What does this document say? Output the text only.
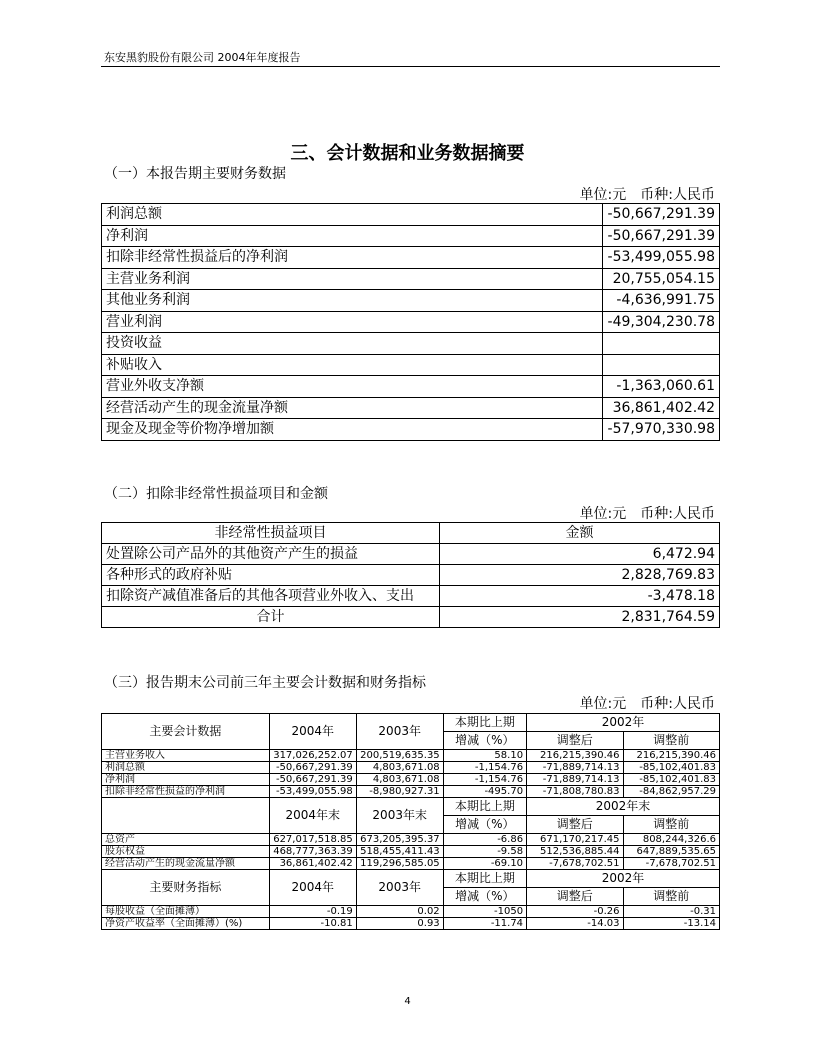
东安黑豹股份有限公司 2004年年度报告
三、会计数据和业务数据摘要
（一）本报告期主要财务数据
单位:元　币种:人民币
利润总额	-50,667,291.39
净利润	-50,667,291.39
扣除非经常性损益后的净利润	-53,499,055.98
主营业务利润	20,755,054.15
其他业务利润	-4,636,991.75
营业利润	-49,304,230.78
投资收益	
补贴收入	
营业外收支净额	-1,363,060.61
经营活动产生的现金流量净额	36,861,402.42
现金及现金等价物净增加额	-57,970,330.98
（二）扣除非经常性损益项目和金额
单位:元　币种:人民币
非经常性损益项目	金额
处置除公司产品外的其他资产产生的损益	6,472.94
各种形式的政府补贴	2,828,769.83
扣除资产减值准备后的其他各项营业外收入、支出	-3,478.18
合计	2,831,764.59
（三）报告期末公司前三年主要会计数据和财务指标
单位:元　币种:人民币
主要会计数据	2004年	2003年	本期比上期	2002年	
			增减（%）	调整后	调整前
主营业务收入	317,026,252.07	200,519,635.35	58.10	216,215,390.46	216,215,390.46
利润总额	-50,667,291.39	4,803,671.08	-1,154.76	-71,889,714.13	-85,102,401.83
净利润	-50,667,291.39	4,803,671.08	-1,154.76	-71,889,714.13	-85,102,401.83
扣除非经常性损益的净利润	-53,499,055.98	-8,980,927.31	-495.70	-71,808,780.83	-84,862,957.29
	2004年末	2003年末	本期比上期	2002年末	
			增减（%）	调整后	调整前
总资产	627,017,518.85	673,205,395.37	-6.86	671,170,217.45	808,244,326.6
股东权益	468,777,363.39	518,455,411.43	-9.58	512,536,885.44	647,889,535.65
经营活动产生的现金流量净额	36,861,402.42	119,296,585.05	-69.10	-7,678,702.51	-7,678,702.51
主要财务指标	2004年	2003年	本期比上期	2002年	
			增减（%）	调整后	调整前
每股收益（全面摊薄）	-0.19	0.02	-1050	-0.26	-0.31
净资产收益率（全面摊薄）(%)	-10.81	0.93	-11.74	-14.03	-13.14
4
